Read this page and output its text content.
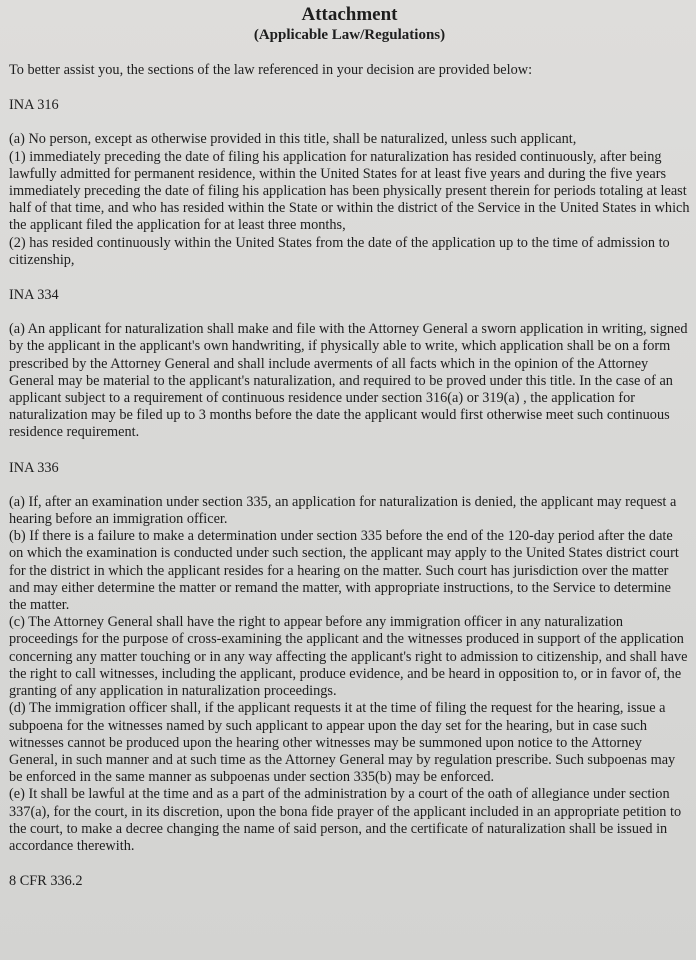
Attachment
(Applicable Law/Regulations)

To better assist you, the sections of the law referenced in your decision are provided below:

INA 316

(a) No person, except as otherwise provided in this title, shall be naturalized, unless such applicant,

(1) immediately preceding the date of filing his application for naturalization has resided continuously, after being lawfully admitted for permanent residence, within the United States for at least five years and during the five years immediately preceding the date of filing his application has been physically present therein for periods totaling at least half of that time, and who has resided within the State or within the district of the Service in the United States in which the applicant filed the application for at least three months,

(2) has resided continuously within the United States from the date of the application up to the time of admission to citizenship,

INA 334

(a) An applicant for naturalization shall make and file with the Attorney General a sworn application in writing, signed by the applicant in the applicant's own handwriting, if physically able to write, which application shall be on a form prescribed by the Attorney General and shall include averments of all facts which in the opinion of the Attorney General may be material to the applicant's naturalization, and required to be proved under this title. In the case of an applicant subject to a requirement of continuous residence under section 316(a) or 319(a) , the application for naturalization may be filed up to 3 months before the date the applicant would first otherwise meet such continuous residence requirement.

INA 336

(a) If, after an examination under section 335, an application for naturalization is denied, the applicant may request a hearing before an immigration officer.

(b) If there is a failure to make a determination under section 335 before the end of the 120-day period after the date on which the examination is conducted under such section, the applicant may apply to the United States district court for the district in which the applicant resides for a hearing on the matter. Such court has jurisdiction over the matter and may either determine the matter or remand the matter, with appropriate instructions, to the Service to determine the matter.

(c) The Attorney General shall have the right to appear before any immigration officer in any naturalization proceedings for the purpose of cross-examining the applicant and the witnesses produced in support of the application concerning any matter touching or in any way affecting the applicant's right to admission to citizenship, and shall have the right to call witnesses, including the applicant, produce evidence, and be heard in opposition to, or in favor of, the granting of any application in naturalization proceedings.

(d) The immigration officer shall, if the applicant requests it at the time of filing the request for the hearing, issue a subpoena for the witnesses named by such applicant to appear upon the day set for the hearing, but in case such witnesses cannot be produced upon the hearing other witnesses may be summoned upon notice to the Attorney General, in such manner and at such time as the Attorney General may by regulation prescribe. Such subpoenas may be enforced in the same manner as subpoenas under section 335(b) may be enforced.

(e) It shall be lawful at the time and as a part of the administration by a court of the oath of allegiance under section 337(a), for the court, in its discretion, upon the bona fide prayer of the applicant included in an appropriate petition to the court, to make a decree changing the name of said person, and the certificate of naturalization shall be issued in accordance therewith.

8 CFR 336.2
